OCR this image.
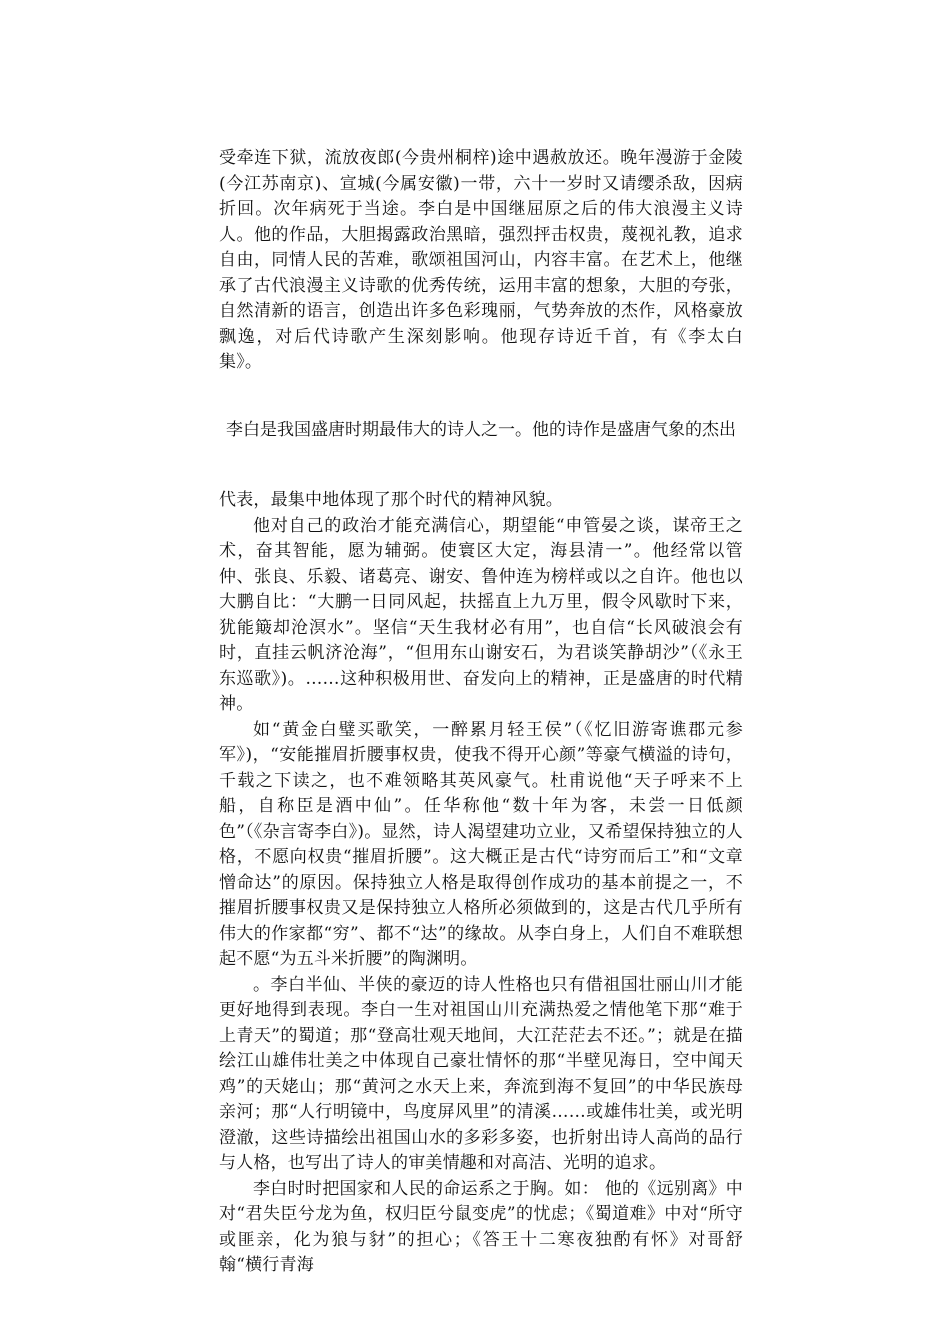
受牵连下狱，流放夜郎(今贵州桐梓)途中遇赦放还。晚年漫游于金陵(今江苏南京)、宣城(今属安徽)一带，六十一岁时又请缨杀敌，因病折回。次年病死于当途。李白是中国继屈原之后的伟大浪漫主义诗人。他的作品，大胆揭露政治黑暗，强烈抨击权贵，蔑视礼教，追求自由，同情人民的苦难，歌颂祖国河山，内容丰富。在艺术上，他继承了古代浪漫主义诗歌的优秀传统，运用丰富的想象，大胆的夸张，自然清新的语言，创造出许多色彩瑰丽，气势奔放的杰作，风格豪放飘逸，对后代诗歌产生深刻影响。他现存诗近千首，有《李太白集》。

李白是我国盛唐时期最伟大的诗人之一。他的诗作是盛唐气象的杰出

代表，最集中地体现了那个时代的精神风貌。

他对自己的政治才能充满信心，期望能“申管晏之谈，谋帝王之术，奋其智能，愿为辅弼。使寰区大定，海县清一”。他经常以管仲、张良、乐毅、诸葛亮、谢安、鲁仲连为榜样或以之自许。他也以大鹏自比：“大鹏一日同风起，扶摇直上九万里，假令风歇时下来，犹能簸却沧溟水”。坚信“天生我材必有用”，也自信“长风破浪会有时，直挂云帆济沧海”，“但用东山谢安石，为君谈笑静胡沙”（《永王东巡歌》)。……这种积极用世、奋发向上的精神，正是盛唐的时代精神。

如“黄金白璧买歌笑，一醉累月轻王侯”（《忆旧游寄谯郡元参军》)，“安能摧眉折腰事权贵，使我不得开心颜”等豪气横溢的诗句，千载之下读之，也不难领略其英风豪气。杜甫说他“天子呼来不上船，自称臣是酒中仙”。任华称他“数十年为客，未尝一日低颜色”（《杂言寄李白》)。显然，诗人渴望建功立业，又希望保持独立的人格，不愿向权贵“摧眉折腰”。这大概正是古代“诗穷而后工”和“文章憎命达”的原因。保持独立人格是取得创作成功的基本前提之一，不摧眉折腰事权贵又是保持独立人格所必须做到的，这是古代几乎所有伟大的作家都“穷”、都不“达”的缘故。从李白身上，人们自不难联想起不愿“为五斗米折腰”的陶渊明。

。李白半仙、半侠的豪迈的诗人性格也只有借祖国壮丽山川才能更好地得到表现。李白一生对祖国山川充满热爱之情他笔下那“难于上青天”的蜀道；那“登高壮观天地间，大江茫茫去不还。”；就是在描绘江山雄伟壮美之中体现自己豪壮情怀的那“半壁见海日，空中闻天鸡”的天姥山；那“黄河之水天上来，奔流到海不复回”的中华民族母亲河；那“人行明镜中，鸟度屏风里”的清溪……或雄伟壮美，或光明澄澈，这些诗描绘出祖国山水的多彩多姿，也折射出诗人高尚的品行与人格，也写出了诗人的审美情趣和对高洁、光明的追求。

李白时时把国家和人民的命运系之于胸。如： 他的《远别离》中对“君失臣兮龙为鱼，权归臣兮鼠变虎”的忧虑；《蜀道难》中对“所守或匪亲，化为狼与豺”的担心；《答王十二寒夜独酌有怀》对哥舒翰“横行青海
